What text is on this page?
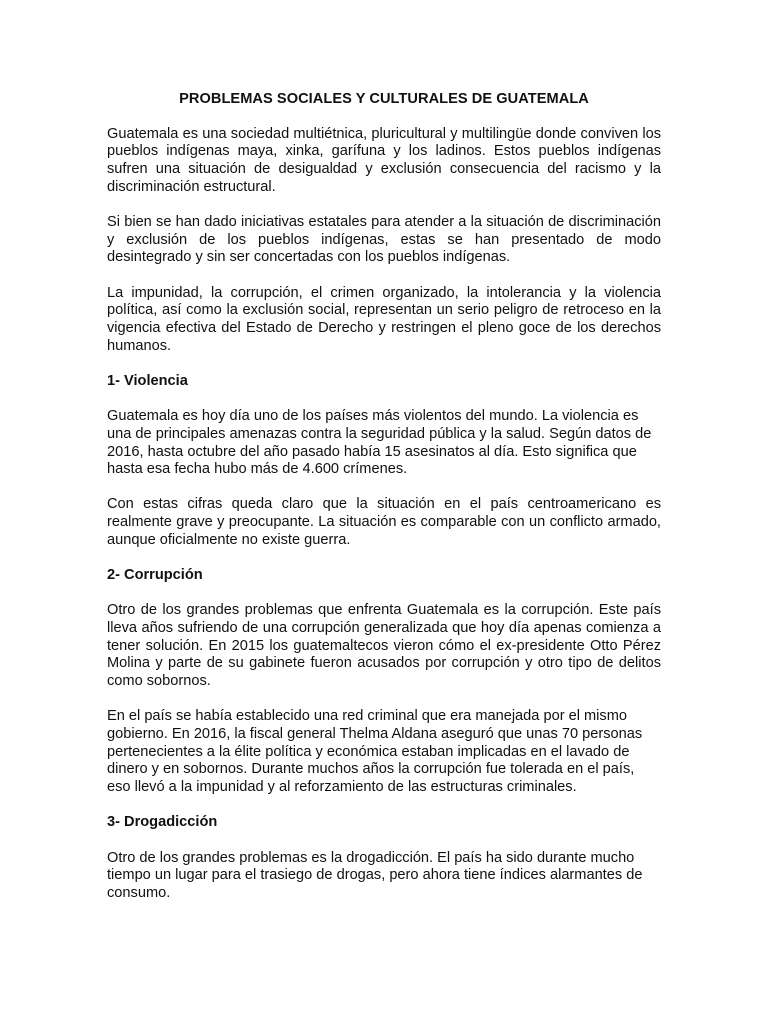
PROBLEMAS SOCIALES Y CULTURALES DE GUATEMALA

Guatemala es una sociedad multiétnica, pluricultural y multilingüe donde conviven los pueblos indígenas maya, xinka, garífuna y los ladinos. Estos pueblos indígenas sufren una situación de desigualdad y exclusión consecuencia del racismo y la discriminación estructural.

Si bien se han dado iniciativas estatales para atender a la situación de discriminación y exclusión de los pueblos indígenas, estas se han presentado de modo desintegrado y sin ser concertadas con los pueblos indígenas.

La impunidad, la corrupción, el crimen organizado, la intolerancia y la violencia política, así como la exclusión social, representan un serio peligro de retroceso en la vigencia efectiva del Estado de Derecho y restringen el pleno goce de los derechos humanos.

1- Violencia

Guatemala es hoy día uno de los países más violentos del mundo. La violencia es una de principales amenazas contra la seguridad pública y la salud. Según datos de 2016, hasta octubre del año pasado había 15 asesinatos al día. Esto significa que hasta esa fecha hubo más de 4.600 crímenes.

Con estas cifras queda claro que la situación en el país centroamericano es realmente grave y preocupante. La situación es comparable con un conflicto armado, aunque oficialmente no existe guerra.

2- Corrupción

Otro de los grandes problemas que enfrenta Guatemala es la corrupción. Este país lleva años sufriendo de una corrupción generalizada que hoy día apenas comienza a tener solución. En 2015 los guatemaltecos vieron cómo el ex-presidente Otto Pérez Molina y parte de su gabinete fueron acusados por corrupción y otro tipo de delitos como sobornos.

En el país se había establecido una red criminal que era manejada por el mismo gobierno. En 2016, la fiscal general Thelma Aldana aseguró que unas 70 personas pertenecientes a la élite política y económica estaban implicadas en el lavado de dinero y en sobornos. Durante muchos años la corrupción fue tolerada en el país, eso llevó a la impunidad y al reforzamiento de las estructuras criminales.

3- Drogadicción

Otro de los grandes problemas es la drogadicción. El país ha sido durante mucho tiempo un lugar para el trasiego de drogas, pero ahora tiene índices alarmantes de consumo.
